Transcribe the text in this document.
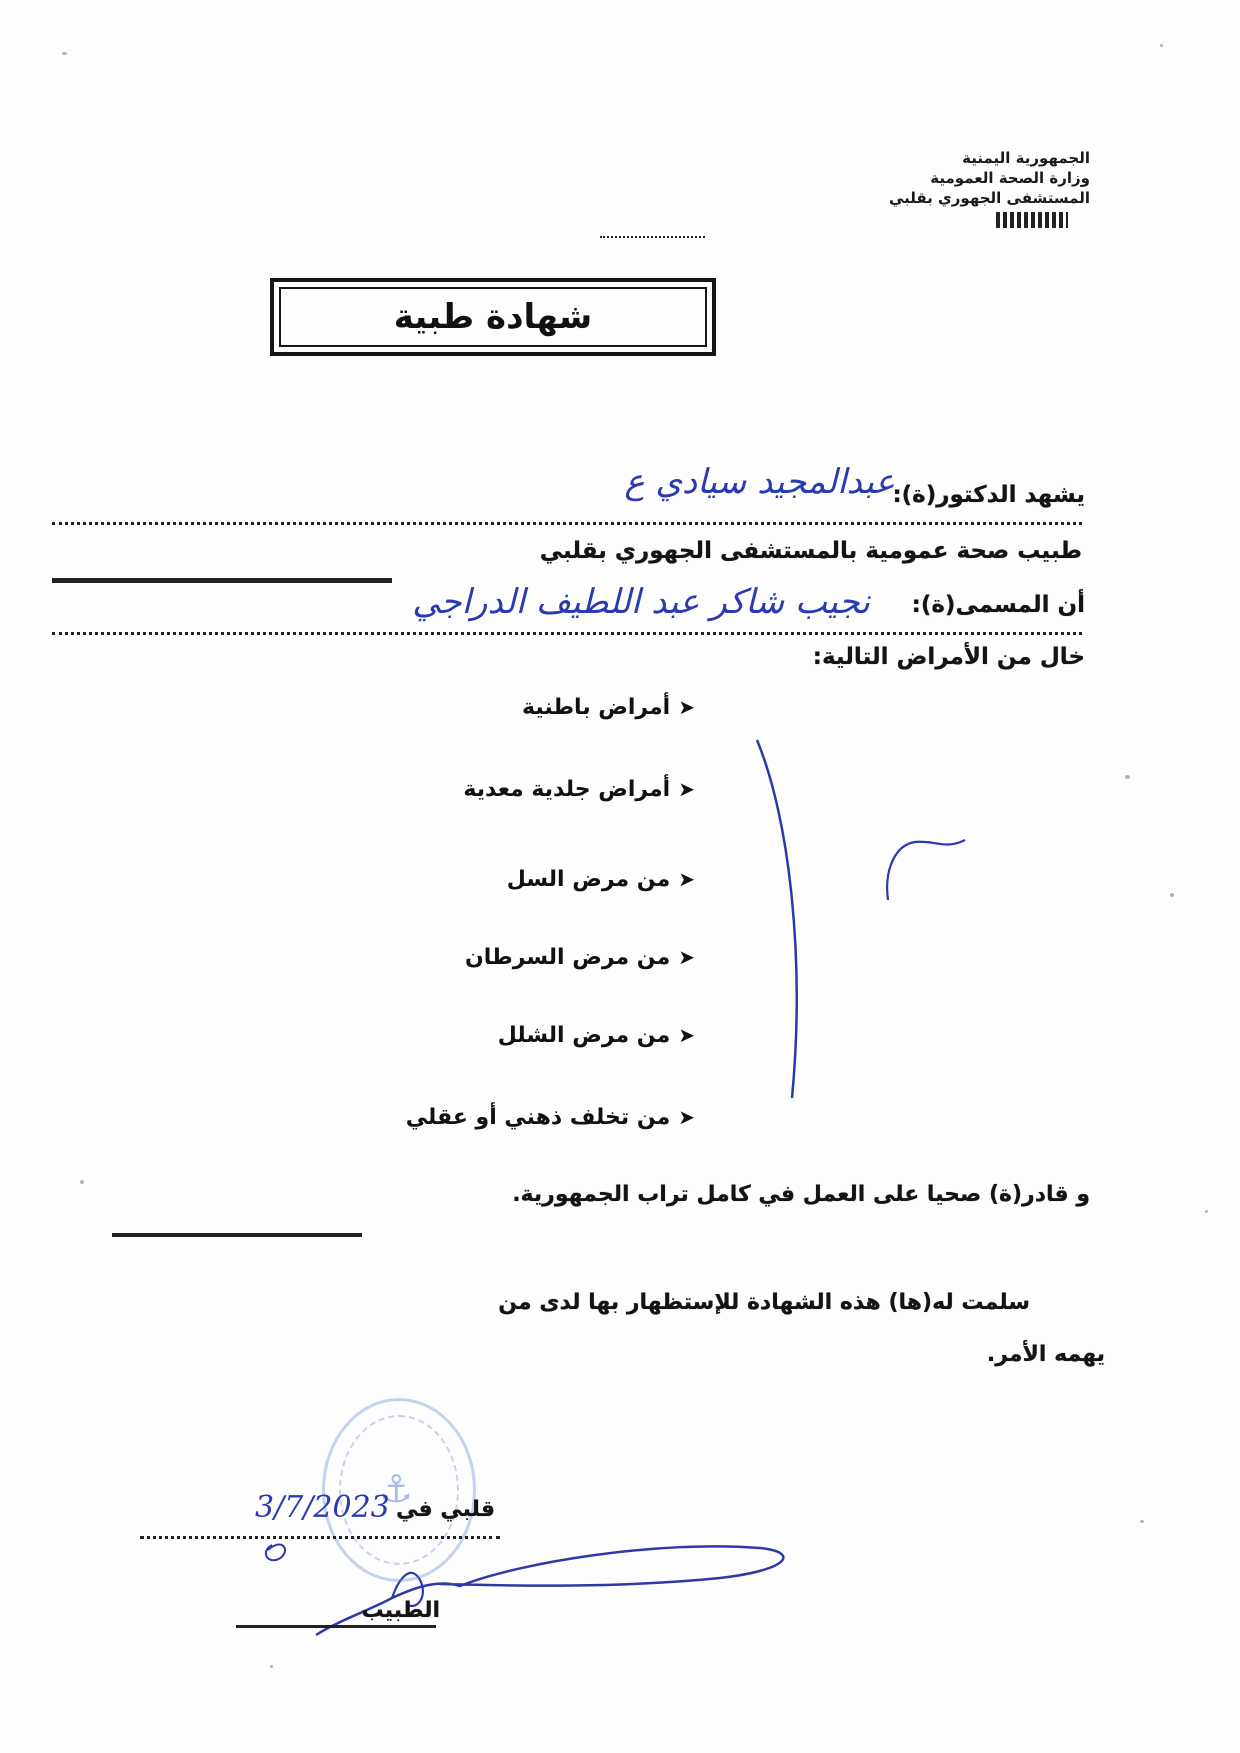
الجمهورية اليمنية
وزارة الصحة العمومية
المستشفى الجهوري بقلبي
شهادة طبية
يشهد الدكتور(ة):
عبدالمجيد سيادي ع
طبيب صحة عمومية بالمستشفى الجهوري بقلبي
أن المسمى(ة):
نجيب شاكر عبد اللطيف الدراجي
خال من الأمراض التالية:
➤أمراض باطنية
➤أمراض جلدية معدية
➤من مرض السل
➤من مرض السرطان
➤من مرض الشلل
➤من تخلف ذهني أو عقلي
و قادر(ة) صحيا على العمل في كامل تراب الجمهورية.
سلمت له(ها) هذه الشهادة للإستظهار بها لدى من
يهمه الأمر.
⚓
قلبي في
3/7/2023
الطبيب
